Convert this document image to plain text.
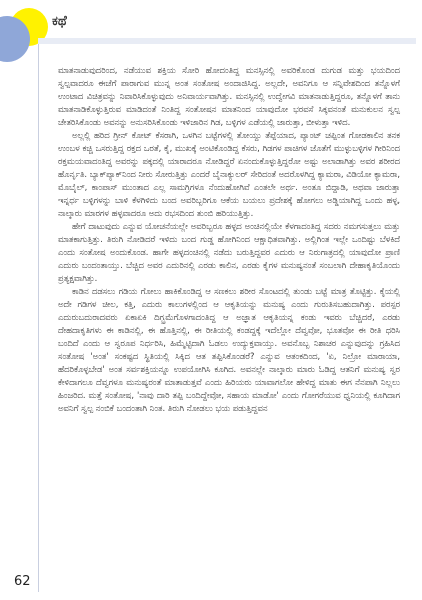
ಕಥೆ

ಮಾತನಾಡುವುದರಿಂದ, ನಡೆಯುವ ಶಕ್ತಿಯ ಸೋರಿ ಹೋದಂತಿದ್ದ ಮನಸ್ಸಿನಲ್ಲಿ ಅವರಿಕೊಂಡ ದುಗುಡ ಮತ್ತು ಭಯದಿಂದ ಸ್ವಲ್ಪವಾದರೂ ಈಚೆಗೆ ಪಾರಾಗುವ ಮುನ್ನ ಅಂತ ಸಂತೋಷ ಅಂದಾಜಿಸಿದ್ದ. ಅಲ್ಲದೇ, ಅವನಿಗೂ ಆ ಸನ್ನಿವೇಶದಿಂದ ತನ್ನೊಳಗೆ ಉಂಟಾದ ವಿಚಿತ್ರವನ್ನು ನಿವಾರಿಸಿಕೊಳ್ಳುವುದು ಅನಿವಾರ್ಯವಾಗಿತ್ತು. ಮನಸ್ಸಿನಲ್ಲಿ ಉದ್ವೇಗವಿ ಮಾತನಾಡುತ್ತಿದ್ದರೂ, ತನ್ನೊಳಗೆ ತಾನು ಮಾತನಾಡಿಕೊಳ್ಳುತ್ತಿರುವ ಮಾಡಿದಂತೆ ನಿಂತಿದ್ದ ಸಂತೋಷನ ಮಾತನಿಂದ ಯಾವುದೋ ಭರವಸೆ ಸಿಕ್ಕವನಂತೆ ಮನುಕುಲನ ಸ್ವಲ್ಪ ಚೇತರಿಸಿಕೊಂಡು ಅವನನ್ನು ಅನುಸರಿಸಿಕೊಂಡು ಇಳಿಜಾರಿನ ಗಿಡ, ಬಳ್ಳಿಗಳ ಎಡೆಯಲ್ಲಿ ಜಾರುತ್ತಾ, ಬೀಳುತ್ತಾ ಇಳಿದ.

ಅಲ್ಲಲ್ಲಿ ಹರಿದ ಗ್ರೀನ್ ಕೋಟ್ ಕೆಸರಾಗಿ, ಒಳಗಿನ ಬಟ್ಟೆಗಳಲ್ಲಿ ತೋಯ್ದು ತೆಪ್ಪೆಯಾದ, ಪ್ಯಾಂಟ್ ಚಪ್ಪಿಂತ ಗೋಡಕಾಲಿನ ತನಕ ಉಂಬಳ ಕಚ್ಚಿ ಒಸರುತ್ತಿದ್ದ ರಕ್ತದ ಒರತೆ, ಕೈ, ಮುಖಕ್ಕೆ ಅಂಟಿಕೊಂಡಿದ್ದ ಕೆಸರು, ಗಿಡಗಳ ಪಾಚಿಗಳ ಜೊತೆಗೆ ಮುಳ್ಳುಬಳ್ಳಿಗಳ ಗೀರಿನಿಂದ ರಕ್ತಮಯವಾದಂತಿದ್ದ ಅವರನ್ನು ಪಕ್ಕದಲ್ಲಿ ಯಾರಾದರೂ ನೋಡಿದ್ದರೆ ಏನಂದುಕೊಳ್ಳುತ್ತಿದ್ದರೋ ಅಷ್ಟು ಅಲಾಡಾಗಿತ್ತು ಅವರ ಶರೀರದ ಹೊರ್ನೃತಿ. ಬ್ಯಾಕ್‌ಪ್ಯಾಕ್‌ನಿಂದ ನೀರು ಸೋರುತ್ತಿತ್ತು ಎಂದರೆ ಬೈನಾಕ್ಯುಲರ್ ಸೇರಿದಂತೆ ಅದರೊಳಗಿದ್ದ ಕ್ಯಾಮರಾ, ವಿಡಿಯೋ ಕ್ಯಾಮರಾ, ಮೊಬೈಲ್, ಕಾಂಪಾಸ್ ಮುಂತಾದ ಎಲ್ಲ ಸಾಮಗ್ರಿಗಳೂ ನೆಂದುಹೋಗಿವೆ ಎಂತಲೇ ಅರ್ಥ. ಅಂತೂ ಬಿದ್ದಾಡಿ, ಅಥವಾ ಜಾರುತ್ತಾ ಇನ್ನರ್ಧ ಬಳ್ಳಿಗಳನ್ನು ಬಾಳಿ ಕೆಳಗಿಳಿದು ಬಂದ ಅವರಿಬ್ಬರಿಗೂ ಆಕೆಯ ಬಯಲು ಪ್ರದೇಶಕ್ಕೆ ಹೋಗಲು ಅಡ್ಡಿಯಾಗಿದ್ದ ಒಂದು ಹಳ್ಳ, ನಾಲ್ಕಾರು ಮಾರಗಳ ಹಳ್ಳವಾದರೂ ಅದು ರಭಸದಿಂದ ತುಂಬಿ ಹರಿಯುತ್ತಿತ್ತು.

ಹೇಗೆ ದಾಟುವುದು ಎನ್ನುವ ಯೋಚನೆಯಲ್ಲೇ ಅವರಿಬ್ಬರೂ ಹಳ್ಳದ ಅಂಚಿನಲ್ಲಿಯೇ ಕೆಳಗಾದಂತಿದ್ದ ಸದರು ನಮಗಸುತ್ತಲು ಮತ್ತು ಮಾತಕಾಗುತ್ತಿತ್ತು. ತಿರುಗಿ ನೋಡಿದರೆ ಇಳಿದು ಬಂದ ಗುಡ್ಡ ಹೋಗಿನಿಂದ ಆಕ್ಷಾಧಿತವಾಗಿತ್ತು. ಅಲ್ಲಿಗಿಂತ ಇಲ್ಲೇ ಒಂದಿಷ್ಟು ಬೆಳಕಿದೆ ಎಂದು ಸಂತೋಷ ಅಂದುಕೊಂಡ. ಹಾಗೇ ಹಳ್ಳದಂಚಿನಲ್ಲಿ ನಡೆದು ಬರುತ್ತಿದ್ದವರ ಎದುರು ಆ ನಿರುಗಾತ್ರದಲ್ಲಿ ಯಾವುದೋ ಪ್ರಾಣಿ ಎದುರು ಬಂದಂತಾಯ್ತು. ಬೆಚ್ಚಿದ ಅವರ ಎದುರಿನಲ್ಲಿ ಎರಡು ಕಾಲಿನ, ಎರಡು ಕೈಗಳ ಮನುಷ್ಯನಂತೆ ಸಂಬಲಾಗಿ ದೇಹಾಕೃತಿಯೊಂದು ಪ್ರತ್ಯಕ್ಷವಾಗಿತ್ತು.

ಕಾಡಿನ ದಡಸಲು ಗಡಿಯ ಗೋಲು ಹಾಕಿಕೊಂಡಿದ್ದ ಆ ಸಣಕಲು ಶರೀರ ಸೊಂಟದಲ್ಲಿ ತುಂಡು ಬಟ್ಟೆ ಮಾತ್ರ ತೊಟ್ಟಿತ್ತು. ಕೈಯಲ್ಲಿ ಅದೇ ಗಡಿಗಳ ಚೀಲ, ಕತ್ತಿ, ಎದುರು ಕಾಲುಗಳಲ್ಲಿಂದ ಆ ಆಕೃತಿಯನ್ನು ಮನುಷ್ಯ ಎಂದು ಗುರುತಿಸಬಹುದಾಗಿತ್ತು. ಪರಸ್ಪರ ಎದುರುಬದುರಾದವರು ಏಕಾಏಕಿ ದಿಗ್ಭ್ರಮೆಗೊಳಗಾದಂತಿದ್ದ ಆ ಅಜ್ಞಾತ ಆಕೃತಿಯನ್ನ ಕಂಡು ಇವರು ಬೆಚ್ಚಿದರೆ, ಎರಡು ದೇಹದಾಕೃತಿಗಳು ಈ ಕಾಡಿನಲ್ಲಿ, ಈ ಹೊತ್ತಿನಲ್ಲಿ, ಈ ರೀತಿಯಲ್ಲಿ ಕಂಡದ್ದಕ್ಕೆ ಇದೆಲ್ಲೋ ದೆವ್ವವೋ, ಭೂತವೋ ಈ ರೀತಿ ಧರಿಸಿ ಬಂದಿದೆ ಎಂದು ಆ ಸ್ವರೂಪ ನಿರ್ಧರಿಸಿ, ಹಿಮ್ಮೆಟ್ಟಿದಾಗಿ ಓಡಲು ಉದ್ಯುಕ್ತವಾಯ್ತು. ಅವನೊಬ್ಬ ನಿಶಾಚರ ಎನ್ನುವುದನ್ನು ಗ್ರಹಿಸಿದ ಸಂತೋಷ 'ಅಂತ' ಸಂಕಷ್ಟದ ಸ್ಥಿತಿಯಲ್ಲಿ ಸಿಕ್ಕಿದ ಆತ ತಪ್ಪಿಸಿಕೊಂಡರೆ? ಎನ್ನುವ ಆತಂಕದಿಂದ, 'ಏ, ನಿಲ್ರೋ ಮಾರಾಯಾ, ಹೆದರಿಕೊಳ್ಳಬೇಡ' ಅಂತ ಸರ್ವಶಕ್ತಿಯನ್ನೂ ಉಪಯೋಗಿಸಿ ಕೂಗಿದ. ಅವನಲ್ಲೇ ನಾಲ್ಕಾರು ಮಾರು ಓಡಿದ್ದ ಆತನಿಗೆ ಮನುಷ್ಯ ಸ್ವರ ಕೇಳಿದಾಗಲೂ ದೆವ್ವಗಳೂ ಮನುಷ್ಯರಂತೆ ಮಾತಾಡುತ್ತವೆ ಎಂದು ಹಿರಿಯರು ಯಾವಾಗಲೋ ಹೇಳಿದ್ದ ಮಾತು ಈಗ ನೆನಪಾಗಿ ನಿಲ್ಲಲು ಹಿಂಜರಿದ. ಮತ್ತೆ ಸಂತೋಷ, 'ನಾವು ದಾರಿ ತಪ್ಪಿ ಬಂದಿದ್ದೇವೋ, ಸಹಾಯ ಮಾಡೋ' ಎಂದು ಗೋಗರೆಯುವ ಧ್ವನಿಯಲ್ಲಿ ಕೂಗಿದಾಗ ಅವನಿಗೆ ಸ್ವಲ್ಪ ನಂಬಿಕೆ ಬಂದಂತಾಗಿ ನಿಂತ. ತಿರುಗಿ ನೋಡಲು ಭಯ ಪಡುತ್ತಿದ್ದವನ

62
